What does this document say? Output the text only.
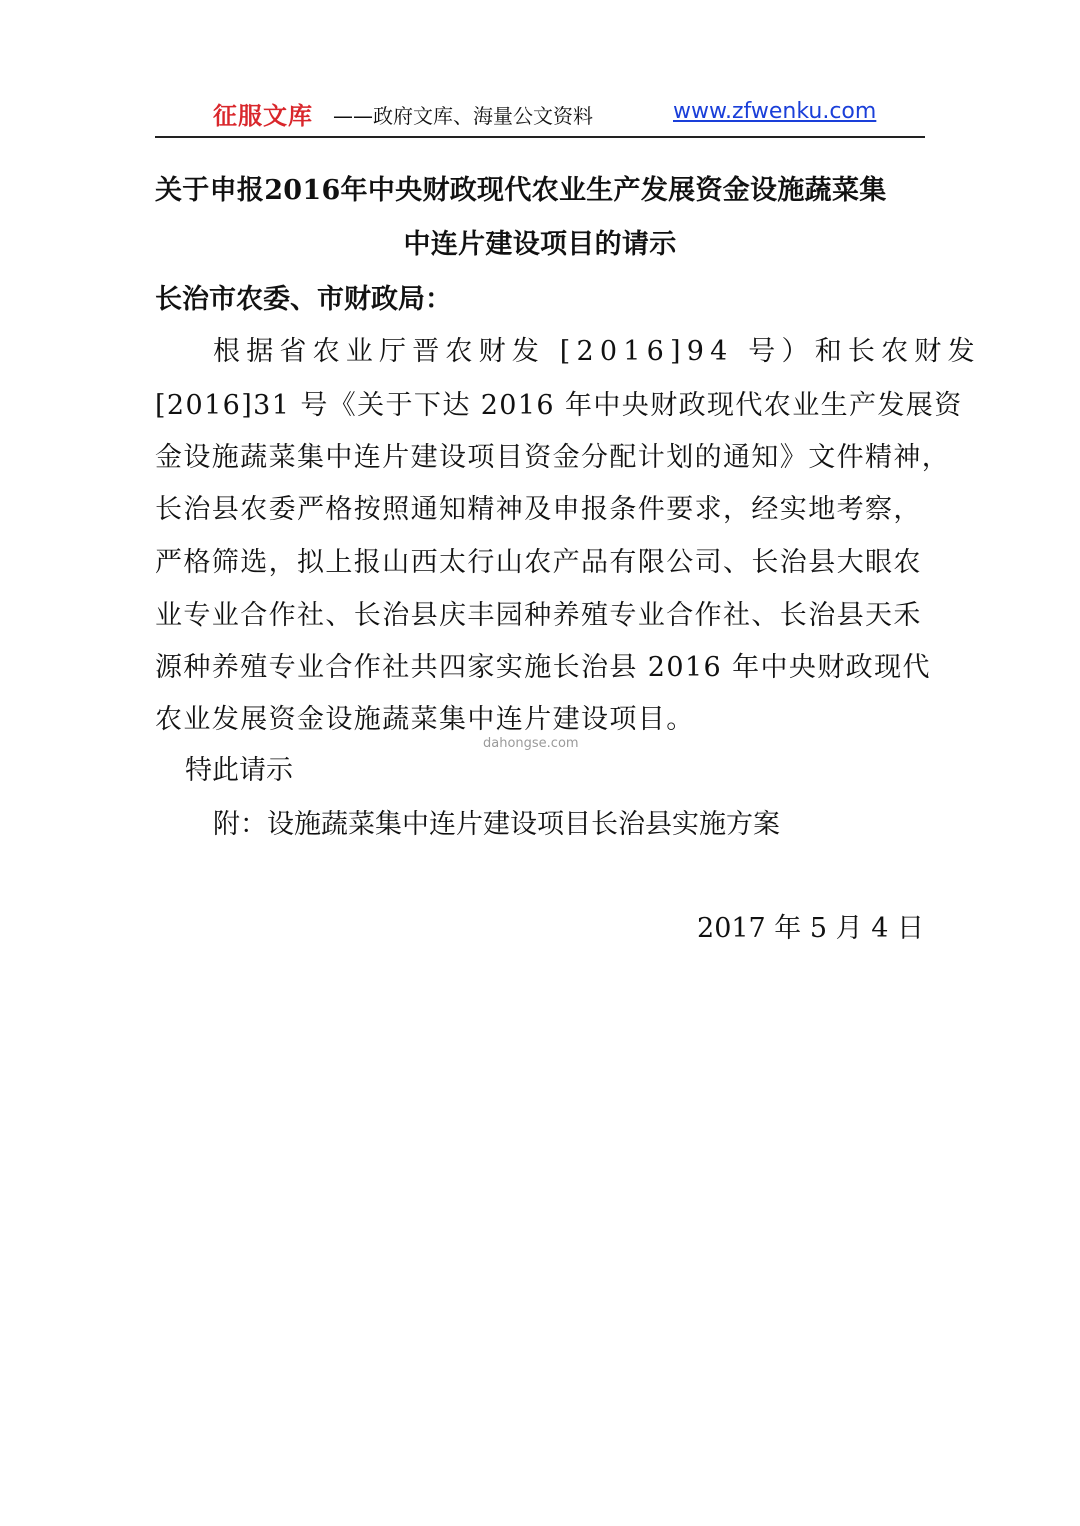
征服文库 ——政府文库、海量公文资料	www.zfwenku.com
关于申报2016年中央财政现代农业生产发展资金设施蔬菜集
中连片建设项目的请示
长治市农委、市财政局：
根据省农业厅晋农财发 [2016]94 号）和长农财发
[2016]31 号《关于下达 2016 年中央财政现代农业生产发展资
金设施蔬菜集中连片建设项目资金分配计划的通知》文件精神，
长治县农委严格按照通知精神及申报条件要求，经实地考察，
严格筛选，拟上报山西太行山农产品有限公司、长治县大眼农
业专业合作社、长治县庆丰园种养殖专业合作社、长治县天禾
源种养殖专业合作社共四家实施长治县 2016 年中央财政现代
农业发展资金设施蔬菜集中连片建设项目。
dahongse.com
特此请示
附：设施蔬菜集中连片建设项目长治县实施方案
2017 年 5 月 4 日
